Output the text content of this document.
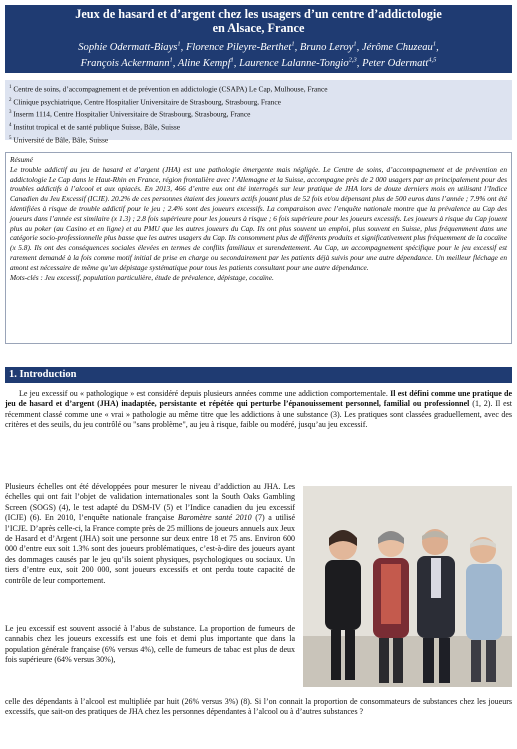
Jeux de hasard et d’argent chez les usagers d’un centre d’addictologie
en Alsace, France
Sophie Odermatt-Biays$^1$, Florence Pileyre-Berthet$^1$, Bruno Leroy$^1$, Jérôme Chuzeau$^1$,
François Ackermann$^1$, Aline Kempf$^1$, Laurence Lalanne-Tongio$^{2,3}$, Peter Odermatt$^{4,5}$
$^1$ Centre de soins, d’accompagnement et de prévention en addictologie (CSAPA) Le Cap, Mulhouse, France
$^2$ Clinique psychiatrique, Centre Hospitalier Universitaire de Strasbourg, Strasbourg, France
$^3$ Inserm 1114, Centre Hospitalier Universitaire de Strasbourg, Strasbourg, France
$^4$ Institut tropical et de santé publique Suisse, Bâle, Suisse
$^5$ Université de Bâle, Bâle, Suisse
Résumé
Le trouble addictif au jeu de hasard et d’argent (JHA) est une pathologie émergente mais négligée. Le Centre de soins, d’accompagnement et de prévention en addictologie Le Cap dans le Haut-Rhin en France, région frontalière avec l’Allemagne et la Suisse, accompagne près de 2 000 usagers par an principalement pour des troubles addictifs à l’alcool et aux opiacés. En 2013, 466 d’entre eux ont été interrogés sur leur pratique de JHA lors de douze derniers mois en utilisant l’Indice Canadien du Jeu Excessif (ICJE). 20.2% de ces personnes étaient des joueurs actifs jouant plus de 52 fois et/ou dépensant plus de 500 euros dans l’année ; 7.9% ont été identifiées à risque de trouble addictif pour le jeu ; 2.4% sont des joueurs excessifs. La comparaison avec l’enquête nationale montre que la prévalence au Cap des joueurs dans l’année est similaire (x 1.3) ; 2.8 fois supérieure pour les joueurs à risque ; 6 fois supérieure pour les joueurs excessifs. Les joueurs à risque du Cap jouent plus au poker (au Casino et en ligne) et au PMU que les autres joueurs du Cap. Ils ont plus souvent un emploi, plus souvent en Suisse, plus fréquemment dans une catégorie socio-professionnelle plus basse que les autres usagers du Cap. Ils consomment plus de différents produits et significativement plus fréquemment de la cocaïne (x 5.8). Ils ont des conséquences sociales élevées en termes de conflits familiaux et surendettement. Au Cap, un accompagnement spécifique pour le jeu excessif est rarement demandé à la fois comme motif initial de prise en charge ou secondairement par les patients déjà suivis pour une autre dépendance. Un meilleur fléchage en amont est nécessaire de même qu’un dépistage systématique pour tous les patients consultant pour une autre dépendance.
Mots-clés : Jeu excessif, population particulière, étude de prévalence, dépistage, cocaïne.
1. Introduction
Le jeu excessif ou « pathologique » est considéré depuis plusieurs années comme une addiction comportementale. Il est défini comme une pratique de jeu de hasard et d’argent (JHA) inadaptée, persistante et répétée qui perturbe l’épanouissement personnel, familial ou professionnel (1, 2). Il est récemment classé comme une « vrai » pathologie au même titre que les addictions à une substance (3). Les pratiques sont classées graduellement, avec des critères et des seuils, du jeu contrôlé ou "sans problème", au jeu à risque, faible ou modéré, jusqu’au jeu excessif.
Plusieurs échelles ont été développées pour mesurer le niveau d’addiction au JHA. Les échelles qui ont fait l’objet de validation internationales sont la South Oaks Gambling Screen (SOGS) (4), le test adapté du DSM-IV (5) et l’Indice canadien du jeu excessif (ICJE) (6). En 2010, l’enquête nationale française Baromètre santé 2010 (7) a utilisé l’ICJE. D’après celle-ci, la France compte près de 25 millions de joueurs annuels aux Jeux de Hasard et d’Argent (JHA) soit une personne sur deux entre 18 et 75 ans. Environ 600 000 d’entre eux soit 1.3% sont des joueurs problématiques, c’est-à-dire des joueurs ayant des dommages causés par le jeu qu’ils soient physiques, psychologiques ou sociaux. Un tiers d’entre eux, soit 200 000, sont joueurs excessifs et ont perdu toute capacité de contrôle de leur comportement.
Le jeu excessif est souvent associé à l’abus de substance. La proportion de fumeurs de cannabis chez les joueurs excessifs est une fois et demi plus importante que dans la population générale française (6% versus 4%), celle de fumeurs de tabac est plus de deux fois supérieure (64% versus 30%),
celle des dépendants à l’alcool est multipliée par huit (26% versus 3%) (8). Si l’on connait la proportion de consommateurs de substances chez les joueurs excessifs, que sait-on des pratiques de JHA chez les personnes dépendantes à l’alcool ou à d’autres substances ?
